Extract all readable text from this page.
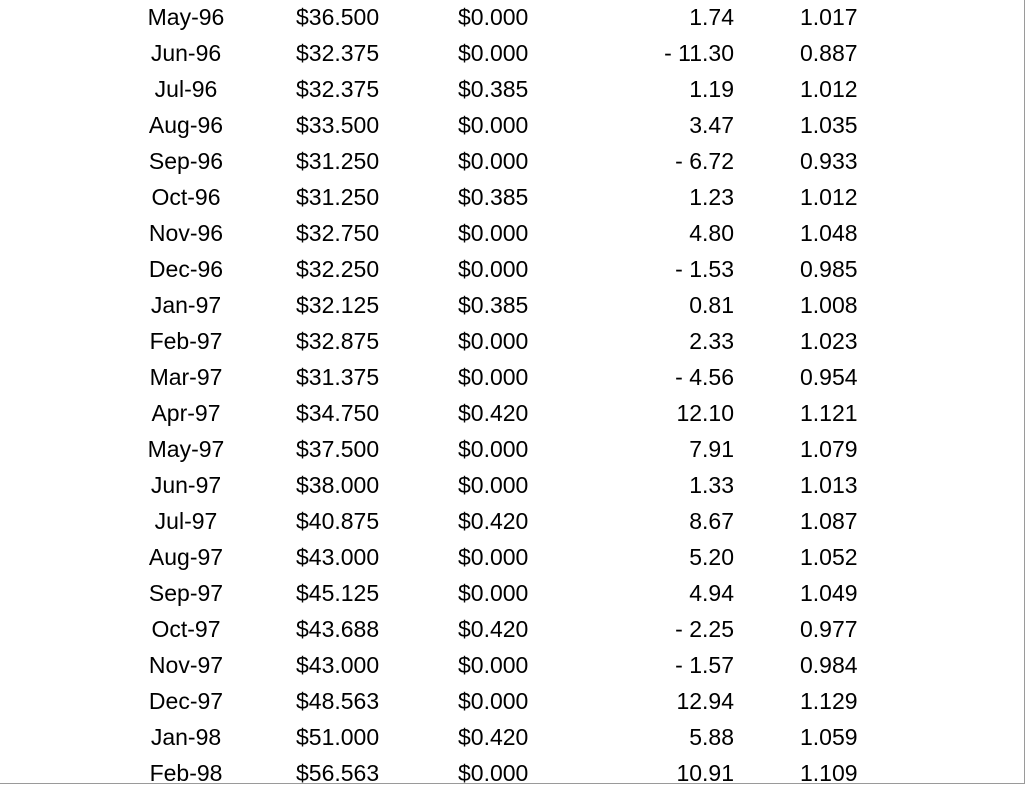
May-96	$36.500	$0.000	1.74	1.017
Jun-96	$32.375	$0.000	- 11.30	0.887
Jul-96	$32.375	$0.385	1.19	1.012
Aug-96	$33.500	$0.000	3.47	1.035
Sep-96	$31.250	$0.000	- 6.72	0.933
Oct-96	$31.250	$0.385	1.23	1.012
Nov-96	$32.750	$0.000	4.80	1.048
Dec-96	$32.250	$0.000	- 1.53	0.985
Jan-97	$32.125	$0.385	0.81	1.008
Feb-97	$32.875	$0.000	2.33	1.023
Mar-97	$31.375	$0.000	- 4.56	0.954
Apr-97	$34.750	$0.420	12.10	1.121
May-97	$37.500	$0.000	7.91	1.079
Jun-97	$38.000	$0.000	1.33	1.013
Jul-97	$40.875	$0.420	8.67	1.087
Aug-97	$43.000	$0.000	5.20	1.052
Sep-97	$45.125	$0.000	4.94	1.049
Oct-97	$43.688	$0.420	- 2.25	0.977
Nov-97	$43.000	$0.000	- 1.57	0.984
Dec-97	$48.563	$0.000	12.94	1.129
Jan-98	$51.000	$0.420	5.88	1.059
Feb-98	$56.563	$0.000	10.91	1.109
